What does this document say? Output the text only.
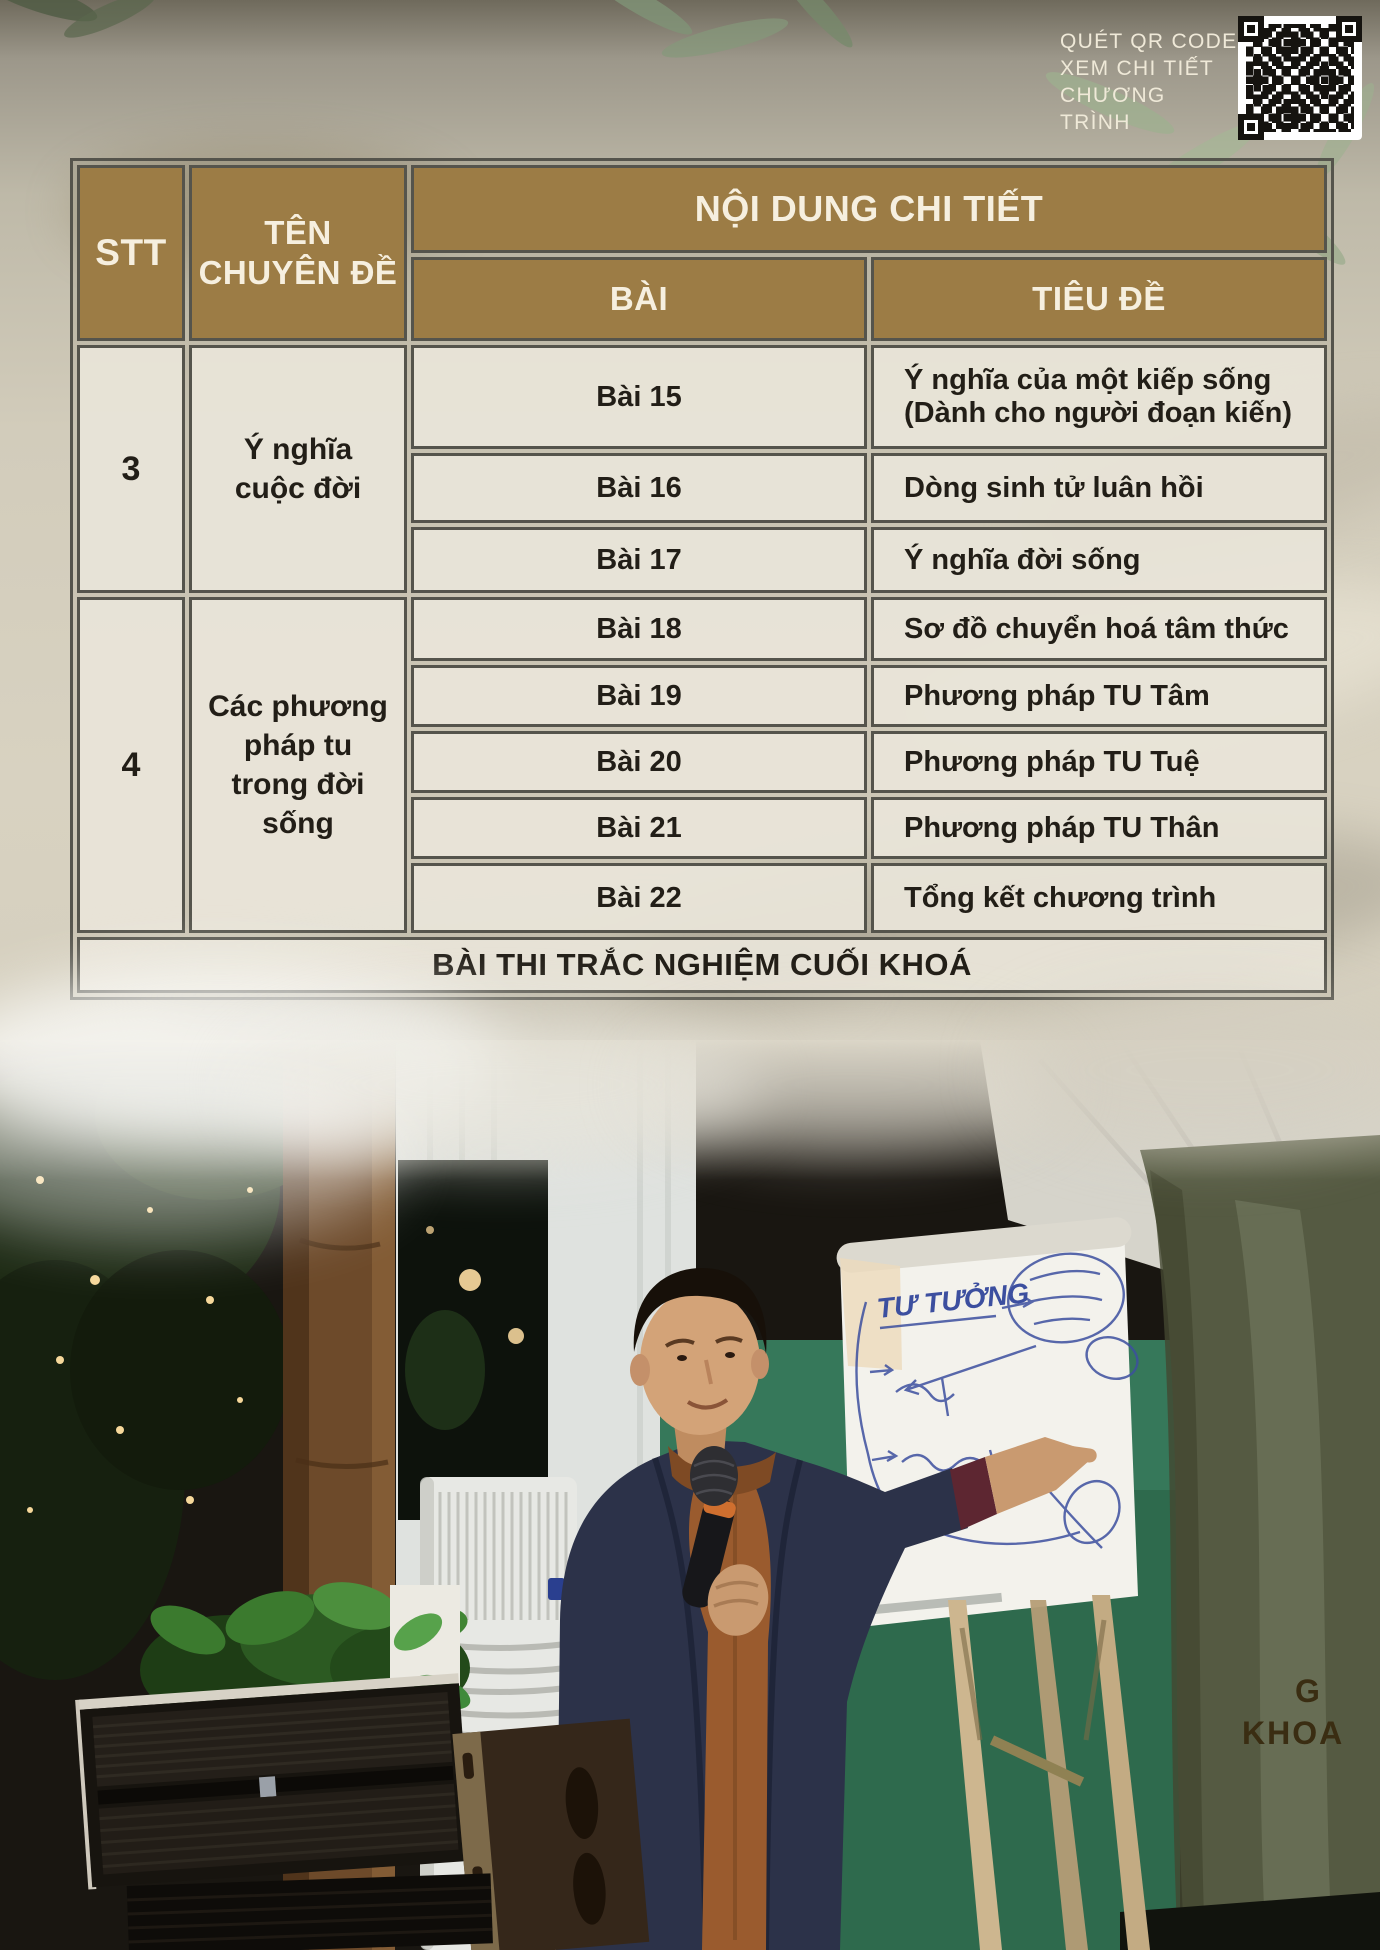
QUÉT QR CODE
XEM CHI TIẾT
CHƯƠNG TRÌNH
STT	TÊN CHUYÊN ĐỀ	NỘI DUNG CHI TIẾT	
		BÀI	TIÊU ĐỀ
3	Ý nghĩa cuộc đời	Bài 15	Ý nghĩa của một kiếp sống (Dành cho người đoạn kiến)
		Bài 16	Dòng sinh tử luân hồi
		Bài 17	Ý nghĩa đời sống
4	Các phương pháp tu trong đời sống	Bài 18	Sơ đồ chuyển hoá tâm thức
		Bài 19	Phương pháp TU Tâm
		Bài 20	Phương pháp TU Tuệ
		Bài 21	Phương pháp TU Thân
		Bài 22	Tổng kết chương trình
BÀI THI TRẮC NGHIỆM CUỐI KHOÁ			
G
KHOA
TƯ TƯỞNG
